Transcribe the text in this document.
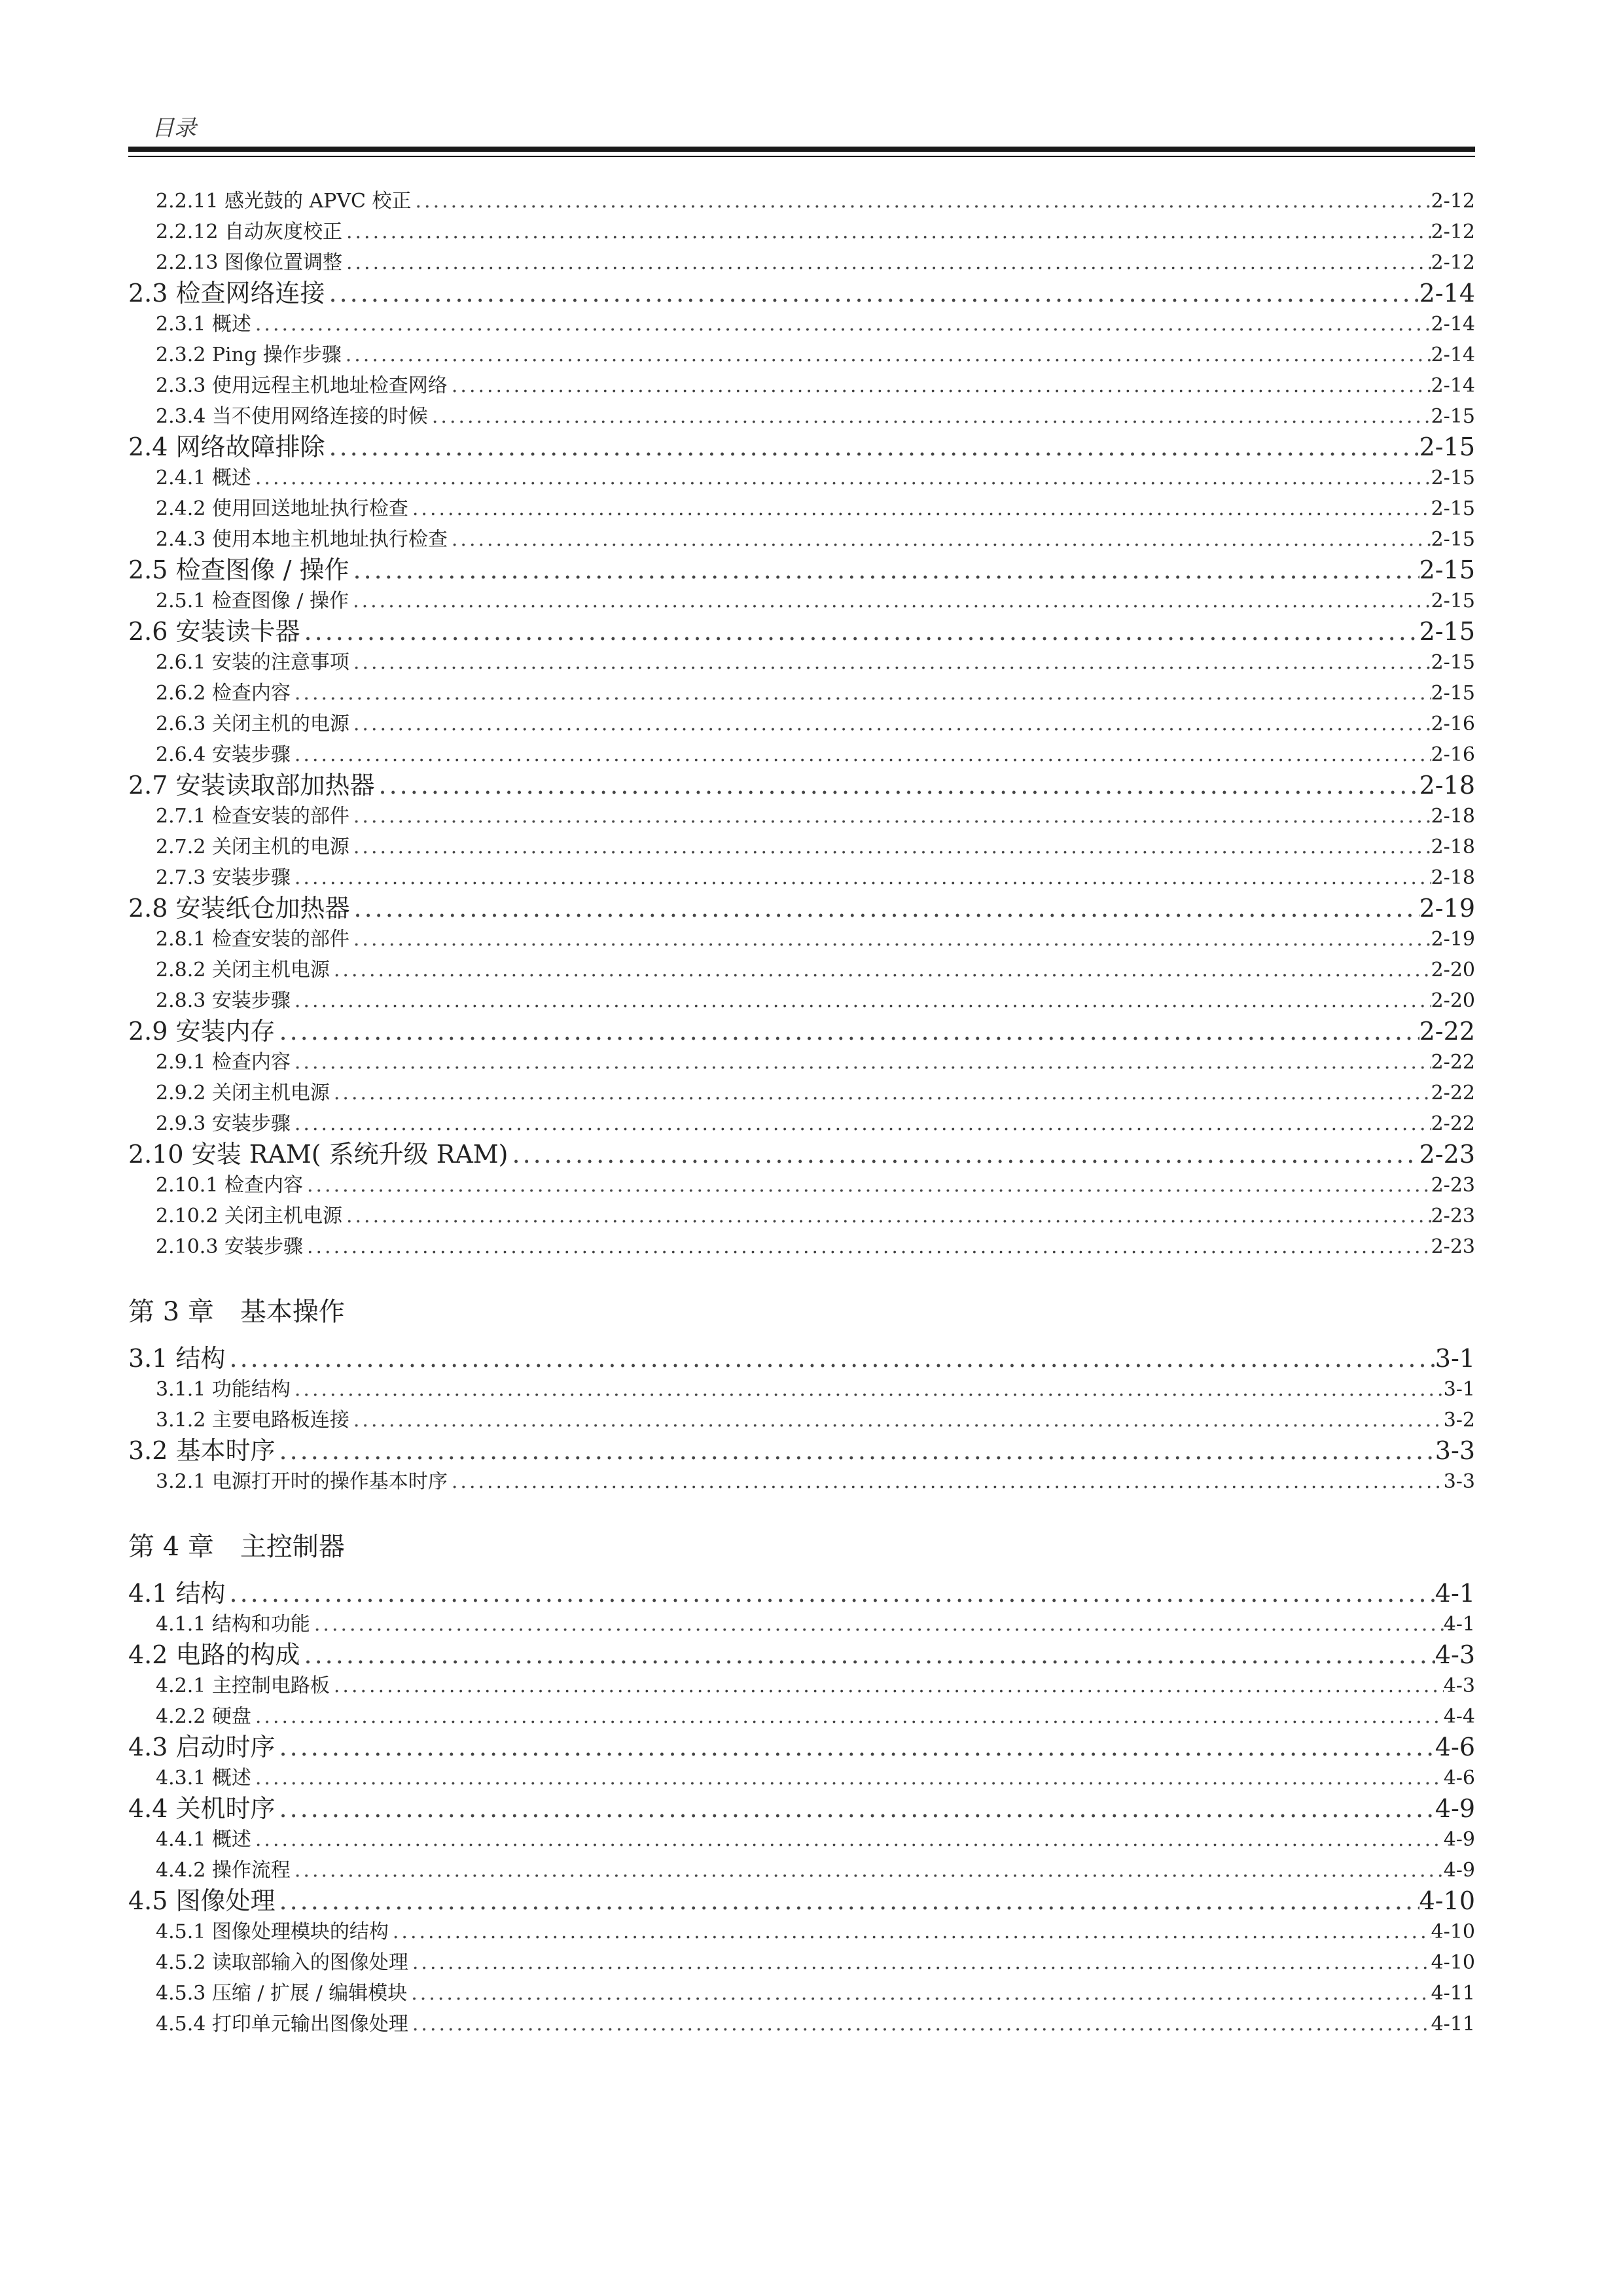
目录
2.2.11 感光鼓的 APVC 校正 .....	2-12
2.2.12 自动灰度校正 .....	2-12
2.2.13 图像位置调整 .....	2-12
2.3 检查网络连接 .....	2-14
2.3.1 概述 .....	2-14
2.3.2 Ping 操作步骤 .....	2-14
2.3.3 使用远程主机地址检查网络 .....	2-14
2.3.4 当不使用网络连接的时候 .....	2-15
2.4 网络故障排除 .....	2-15
2.4.1 概述 .....	2-15
2.4.2 使用回送地址执行检查 .....	2-15
2.4.3 使用本地主机地址执行检查 .....	2-15
2.5 检查图像 / 操作 .....	2-15
2.5.1 检查图像 / 操作 .....	2-15
2.6 安装读卡器 .....	2-15
2.6.1 安装的注意事项 .....	2-15
2.6.2 检查内容 .....	2-15
2.6.3 关闭主机的电源 .....	2-16
2.6.4 安装步骤 .....	2-16
2.7 安装读取部加热器 .....	2-18
2.7.1 检查安装的部件 .....	2-18
2.7.2 关闭主机的电源 .....	2-18
2.7.3 安装步骤 .....	2-18
2.8 安装纸仓加热器 .....	2-19
2.8.1 检查安装的部件 .....	2-19
2.8.2 关闭主机电源 .....	2-20
2.8.3 安装步骤 .....	2-20
2.9 安装内存 .....	2-22
2.9.1 检查内容 .....	2-22
2.9.2 关闭主机电源 .....	2-22
2.9.3 安装步骤 .....	2-22
2.10 安装 RAM( 系统升级 RAM) .....	2-23
2.10.1 检查内容 .....	2-23
2.10.2 关闭主机电源 .....	2-23
2.10.3 安装步骤 .....	2-23
第 3 章　基本操作
3.1 结构 .....	3-1
3.1.1 功能结构 .....	3-1
3.1.2 主要电路板连接 .....	3-2
3.2 基本时序 .....	3-3
3.2.1 电源打开时的操作基本时序 .....	3-3
第 4 章　主控制器
4.1 结构 .....	4-1
4.1.1 结构和功能 .....	4-1
4.2 电路的构成 .....	4-3
4.2.1 主控制电路板 .....	4-3
4.2.2 硬盘 .....	4-4
4.3 启动时序 .....	4-6
4.3.1 概述 .....	4-6
4.4 关机时序 .....	4-9
4.4.1 概述 .....	4-9
4.4.2 操作流程 .....	4-9
4.5 图像处理 .....	4-10
4.5.1 图像处理模块的结构 .....	4-10
4.5.2 读取部输入的图像处理 .....	4-10
4.5.3 压缩 / 扩展 / 编辑模块 .....	4-11
4.5.4 打印单元输出图像处理 .....	4-11
